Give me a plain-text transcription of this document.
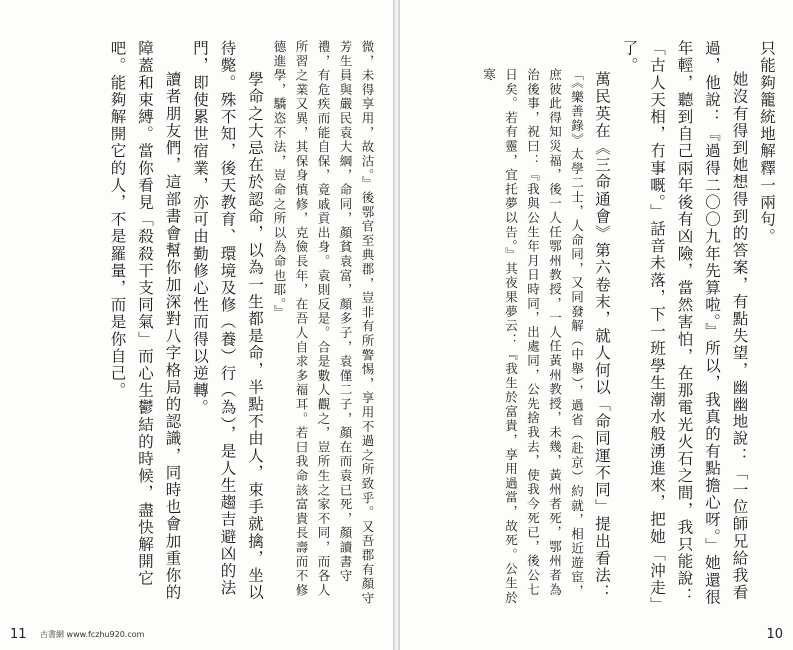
微，未得享用，故沽。』後鄂官至典郡，豈非有所警惕，享用不過之所致乎。又吾郡有顏守芳生員與嚴民袁大綱，命同，顏貧袁富，顏多子，袁僅二子，顏在而袁已死，顏讀書守禮，有危疾而能自保，竟戚貢出身。袁則反是。合是數人觀之，豈所生之家不同，而各人所習之業又異，其保身慎修，克儉長年，在吾人自求多福耳。若曰我命該富貴長壽而不修德進學，驕恣不法，豈命之所以為命也耶。』

學命之大忌在於認命，以為一生都是命，半點不由人，束手就擒，坐以待斃。殊不知，後天教育、環境及修（養）行（為），是人生趨吉避凶的法門，即使累世宿業，亦可由勤修心性而得以逆轉。

讀者朋友們，這部書會幫你加深對八字格局的認識，同時也會加重你的障蓋和束縛。當你看見「殺殺干支同氣」而心生鬱結的時候，盡快解開它吧。能夠解開它的人，不是羅量，而是你自己。

11 古書網 www.fczhu920.com

只能夠籠統地解釋一兩句。

她沒有得到她想得到的答案，有點失望，幽幽地說：「一位師兄給我看過，他說：『過得二〇〇九年先算啦。』所以，我真的有點擔心呀。」她還很年輕，聽到自己兩年後有凶險，當然害怕，在那電光火石之間，我只能說：「古人天相，冇事嘅。」話音未落，下一班學生潮水般湧進來，把她「沖走」了。

萬民英在《三命通會》第六卷末，就人何以「命同運不同」提出看法：

「《樂善錄》太學二士，人命同，又同發解（中舉），過省（赴京）約就，相近遊宦，庶彼此得知災福，後一人任鄂州教授，一人任黃州教授，未幾，黃州者死，鄂州者為治後事，祝曰：『我與公生年月日時同，出處同，公先捨我去，使我今死已，後公七日矣。若有靈，宜托夢以告。』其夜果夢云：『我生於富貴，享用過當，故死。公生於寒

10
